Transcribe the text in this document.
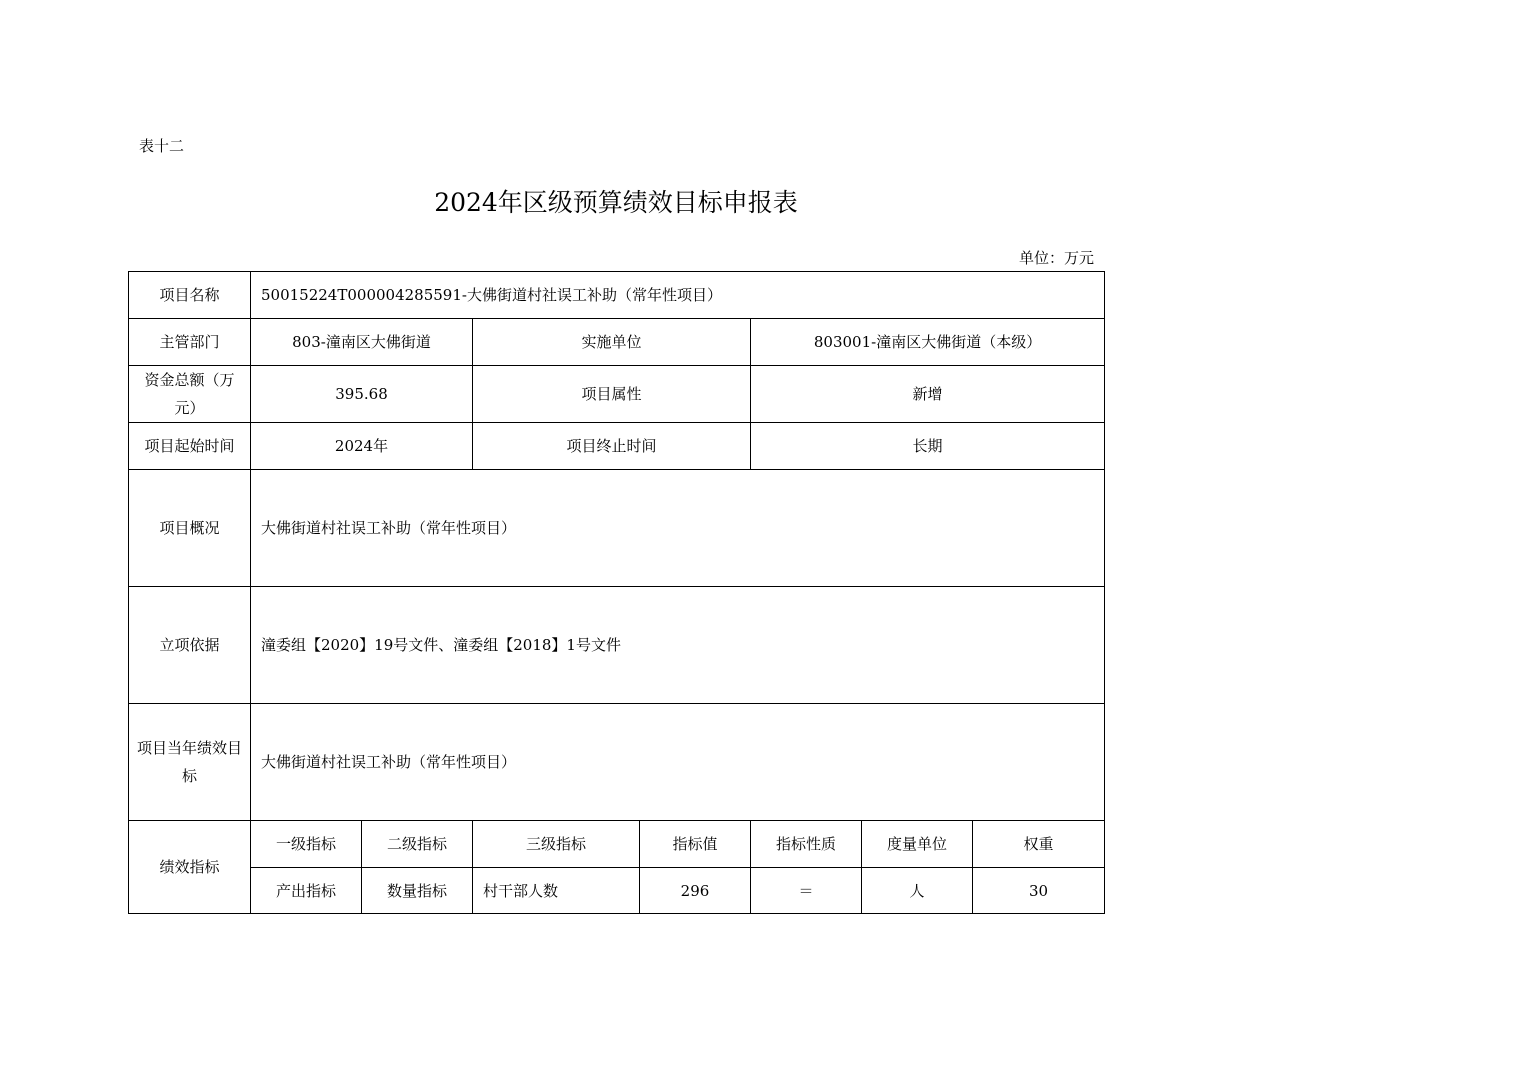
表十二
2024年区级预算绩效目标申报表
单位：万元
项目名称	50015224T000004285591-大佛街道村社误工补助（常年性项目）						
主管部门	803-潼南区大佛街道		实施单位		803001-潼南区大佛街道（本级）		
资金总额（万元）	395.68		项目属性		新增		
项目起始时间	2024年		项目终止时间		长期		
项目概况	大佛街道村社误工补助（常年性项目）						
立项依据	潼委组【2020】19号文件、潼委组【2018】1号文件						
项目当年绩效目标	大佛街道村社误工补助（常年性项目）						
绩效指标	一级指标	二级指标	三级指标	指标值	指标性质	度量单位	权重
	产出指标	数量指标	村干部人数	296	＝	人	30
